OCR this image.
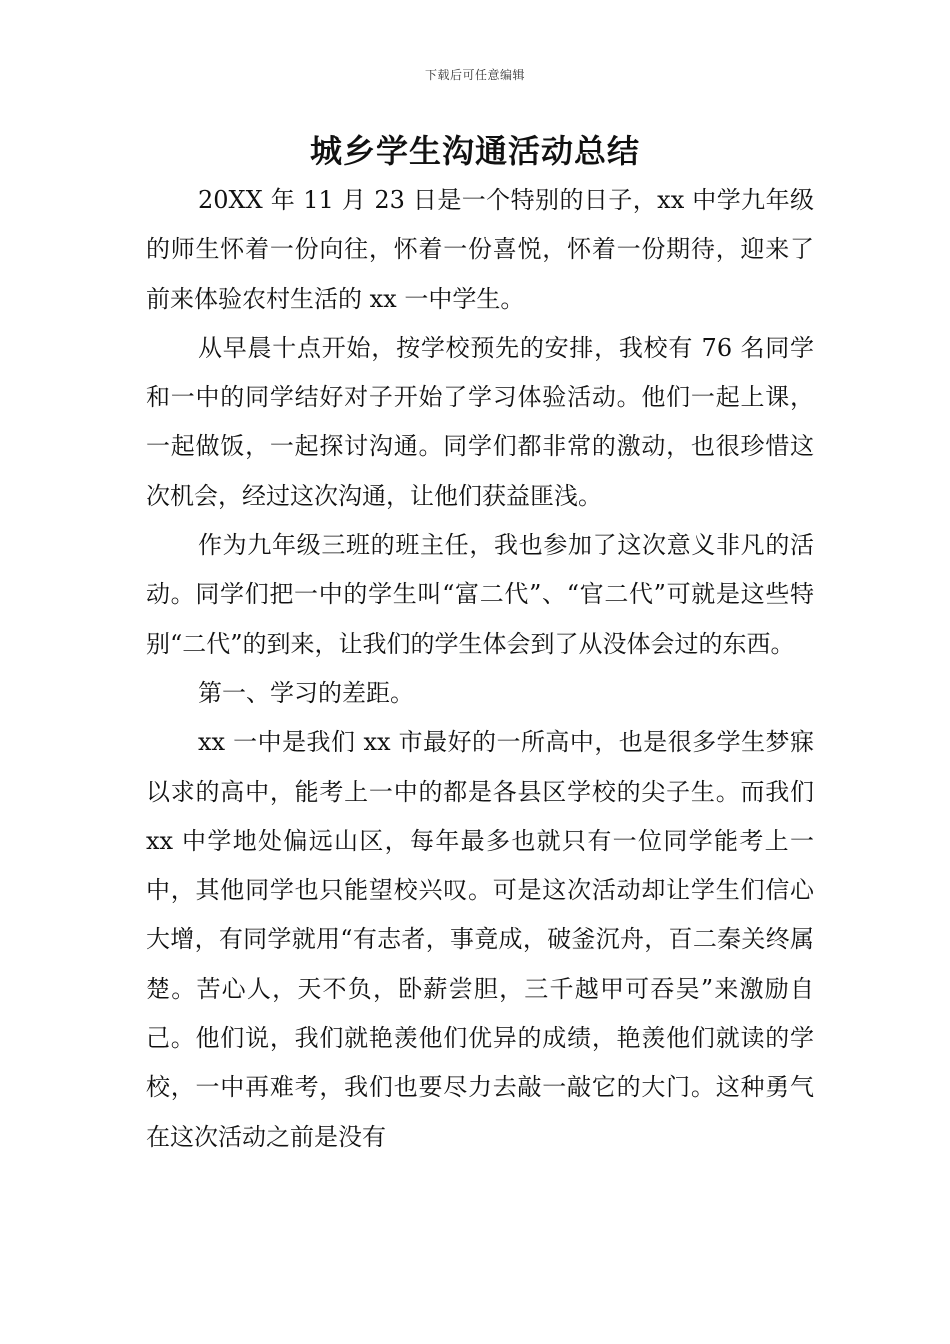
下载后可任意编辑
城乡学生沟通活动总结

20XX 年 11 月 23 日是一个特别的日子，xx 中学九年级的师生怀着一份向往，怀着一份喜悦，怀着一份期待，迎来了前来体验农村生活的 xx 一中学生。

从早晨十点开始，按学校预先的安排，我校有 76 名同学和一中的同学结好对子开始了学习体验活动。他们一起上课，一起做饭，一起探讨沟通。同学们都非常的激动，也很珍惜这次机会，经过这次沟通，让他们获益匪浅。

作为九年级三班的班主任，我也参加了这次意义非凡的活动。同学们把一中的学生叫“富二代”、“官二代”可就是这些特别“二代”的到来，让我们的学生体会到了从没体会过的东西。

第一、学习的差距。

xx 一中是我们 xx 市最好的一所高中，也是很多学生梦寐以求的高中，能考上一中的都是各县区学校的尖子生。而我们 xx 中学地处偏远山区，每年最多也就只有一位同学能考上一中，其他同学也只能望校兴叹。可是这次活动却让学生们信心大增，有同学就用“有志者，事竟成，破釜沉舟，百二秦关终属楚。苦心人，天不负，卧薪尝胆，三千越甲可吞吴”来激励自己。他们说，我们就艳羡他们优异的成绩，艳羡他们就读的学校，一中再难考，我们也要尽力去敲一敲它的大门。这种勇气在这次活动之前是没有
